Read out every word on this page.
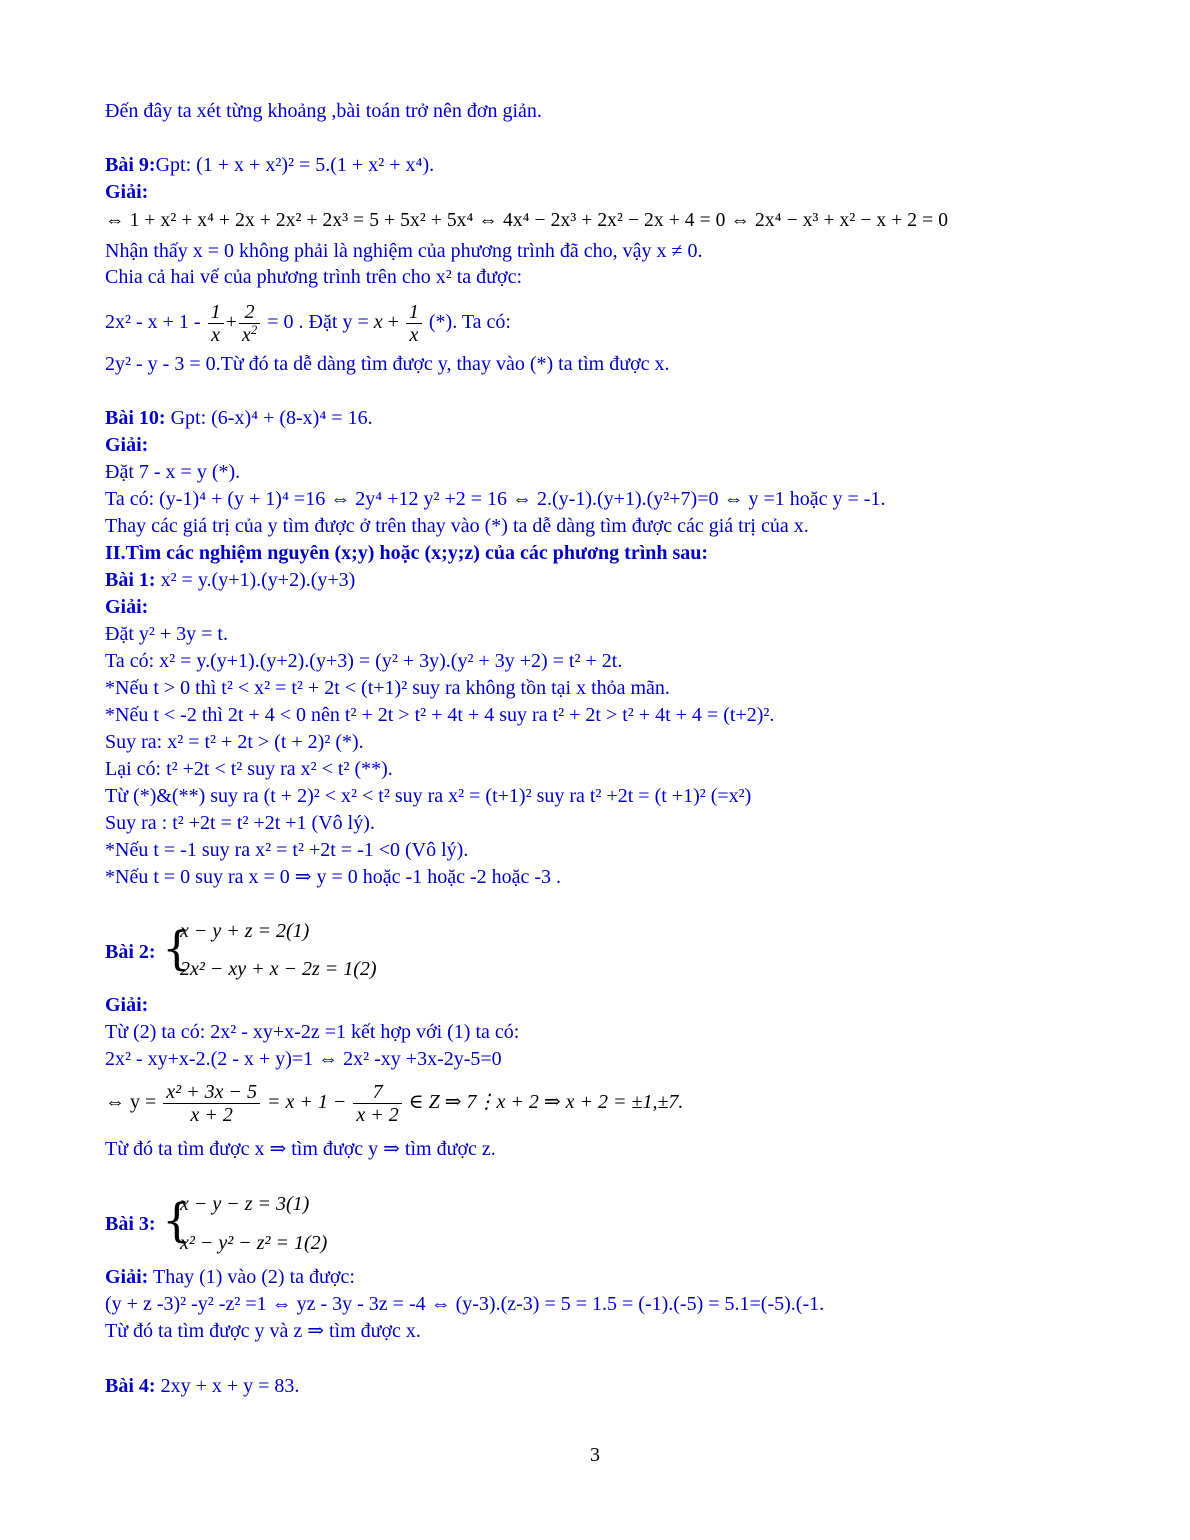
Đến đây ta xét từng khoảng ,bài toán trở nên đơn giản.
Bài 9:Gpt: (1 + x + x²)² = 5.(1 + x² + x⁴).
Giải:
⇔ 1 + x² + x⁴ + 2x + 2x² + 2x³ = 5 + 5x² + 5x⁴ ⇔ 4x⁴ − 2x³ + 2x² − 2x + 4 = 0 ⇔ 2x⁴ − x³ + x² − x + 2 = 0
Nhận thấy x = 0 không phải là nghiệm của phương trình đã cho, vậy x ≠ 0.
Chia cả hai vế của phương trình trên cho x² ta được:
$2x^2 - x + 1 - \frac{1}{x} + \frac{2}{x^2} = 0$ . Đặt $y = x + \frac{1}{x}$ (*). Ta có:
2y² - y - 3 = 0.Từ đó ta dễ dàng tìm được y, thay vào (*) ta tìm được x.
Bài 10: Gpt: (6-x)⁴ + (8-x)⁴ = 16.
Giải:
Đặt 7 - x = y (*).
Ta có: (y-1)⁴ + (y + 1)⁴ =16 ⇔ 2y⁴ +12 y² +2 = 16 ⇔ 2.(y-1).(y+1).(y²+7)=0 ⇔ y =1 hoặc y = -1.
Thay các giá trị của y tìm được ở trên thay vào (*) ta dễ dàng tìm được các giá trị của x.
II.Tìm các nghiệm nguyên (x;y) hoặc (x;y;z) của các phương trình sau:
Bài 1: x² = y.(y+1).(y+2).(y+3)
Giải:
Đặt y² + 3y = t.
Ta có: x² = y.(y+1).(y+2).(y+3) = (y² + 3y).(y² + 3y +2) = t² + 2t.
*Nếu t > 0 thì t² < x² = t² + 2t < (t+1)² suy ra không tồn tại x thỏa mãn.
*Nếu t < -2 thì 2t + 4 < 0 nên t² + 2t > t² + 4t + 4 suy ra t² + 2t > t² + 4t + 4 = (t+2)².
Suy ra: x² = t² + 2t > (t + 2)² (*).
Lại có: t² +2t < t² suy ra x² < t² (**).
Từ (*)&(**) suy ra (t + 2)² < x² < t² suy ra x² = (t+1)² suy ra t² +2t = (t +1)² (=x²)
Suy ra : t² +2t = t² +2t +1 (Vô lý).
*Nếu t = -1 suy ra x² = t² +2t = -1 <0 (Vô lý).
*Nếu t = 0 suy ra x = 0 ⇒ y = 0 hoặc -1 hoặc -2 hoặc -3 .
Bài 2: {
x − y + z = 2(1)
2x² − xy + x − 2z = 1(2)
Giải:
Từ (2) ta có: 2x² - xy+x-2z =1 kết hợp với (1) ta có:
2x² - xy+x-2.(2 - x + y)=1 ⇔ 2x² -xy +3x-2y-5=0
⇔ $y = \frac{\text{x² + 3x − 5}}{x + 2} = x + 1 - \frac{7}{x + 2}$ ∈ Z ⇒ 7⋮x + 2 ⇒ x + 2 = ±1,±7.
Từ đó ta tìm được x ⇒ tìm được y ⇒ tìm được z.
Bài 3: {
x − y − z = 3(1)
x² − y² − z² = 1(2)
Giải: Thay (1) vào (2) ta được:
(y + z -3)² -y² -z² =1 ⇔ yz - 3y - 3z = -4 ⇔ (y-3).(z-3) = 5 = 1.5 = (-1).(-5) = 5.1=(-5).(-1.
Từ đó ta tìm được y và z ⇒ tìm được x.
Bài 4: 2xy + x + y = 83.
3
